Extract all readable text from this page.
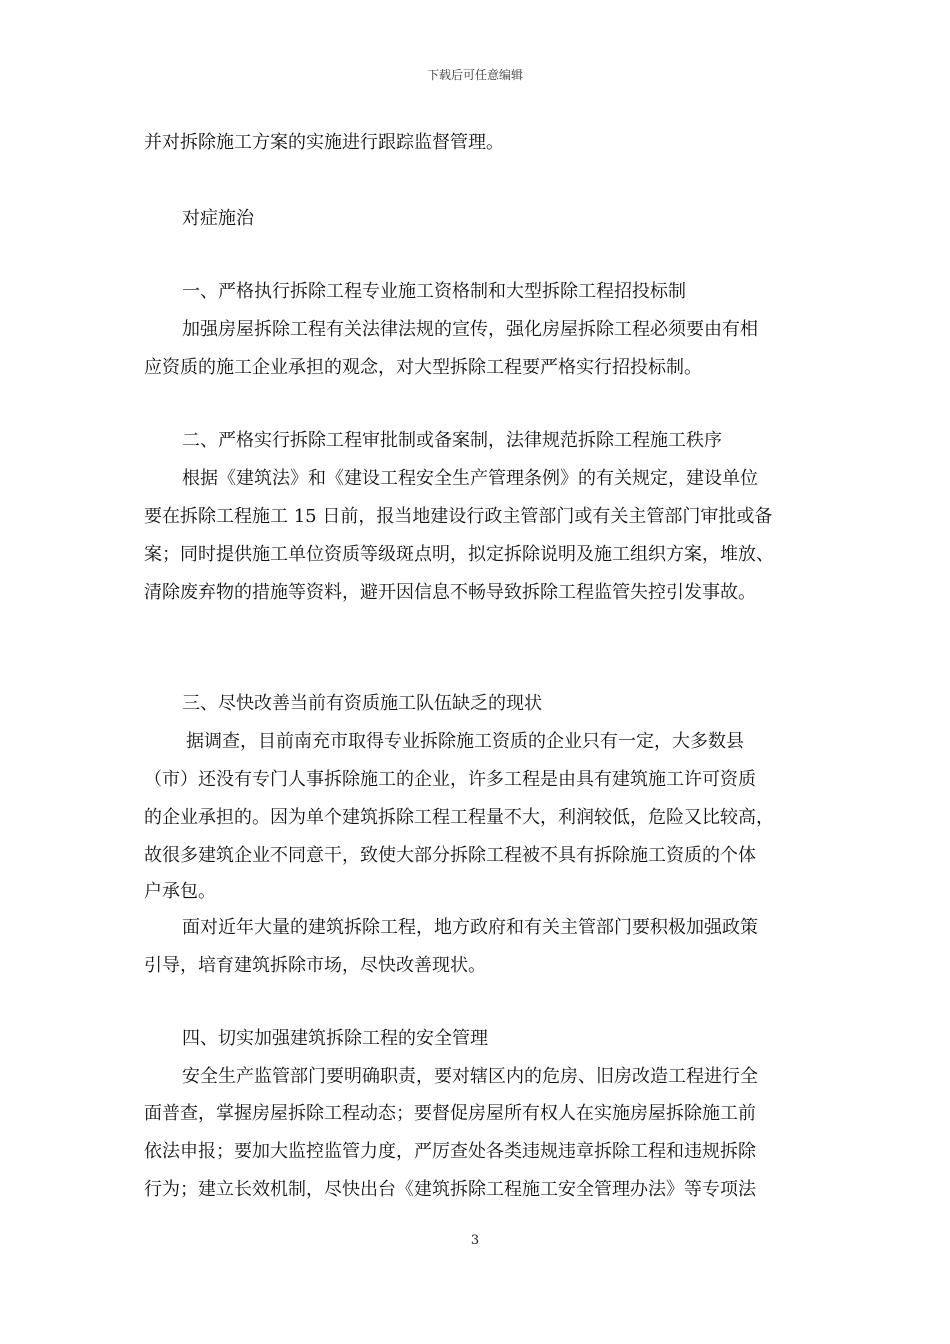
下载后可任意编辑
并对拆除施工方案的实施进行跟踪监督管理。
对症施治
一、严格执行拆除工程专业施工资格制和大型拆除工程招投标制
加强房屋拆除工程有关法律法规的宣传，强化房屋拆除工程必须要由有相
应资质的施工企业承担的观念，对大型拆除工程要严格实行招投标制。
二、严格实行拆除工程审批制或备案制，法律规范拆除工程施工秩序
根据《建筑法》和《建设工程安全生产管理条例》的有关规定，建设单位
要在拆除工程施工 15 日前，报当地建设行政主管部门或有关主管部门审批或备
案；同时提供施工单位资质等级斑点明，拟定拆除说明及施工组织方案，堆放、
清除废弃物的措施等资料，避开因信息不畅导致拆除工程监管失控引发事故。
三、尽快改善当前有资质施工队伍缺乏的现状
据调查，目前南充市取得专业拆除施工资质的企业只有一定，大多数县
（市）还没有专门人事拆除施工的企业，许多工程是由具有建筑施工许可资质
的企业承担的。因为单个建筑拆除工程工程量不大，利润较低，危险又比较高，
故很多建筑企业不同意干，致使大部分拆除工程被不具有拆除施工资质的个体
户承包。
面对近年大量的建筑拆除工程，地方政府和有关主管部门要积极加强政策
引导，培育建筑拆除市场，尽快改善现状。
四、切实加强建筑拆除工程的安全管理
安全生产监管部门要明确职责，要对辖区内的危房、旧房改造工程进行全
面普查，掌握房屋拆除工程动态；要督促房屋所有权人在实施房屋拆除施工前
依法申报；要加大监控监管力度，严厉查处各类违规违章拆除工程和违规拆除
行为；建立长效机制，尽快出台《建筑拆除工程施工安全管理办法》等专项法
3
